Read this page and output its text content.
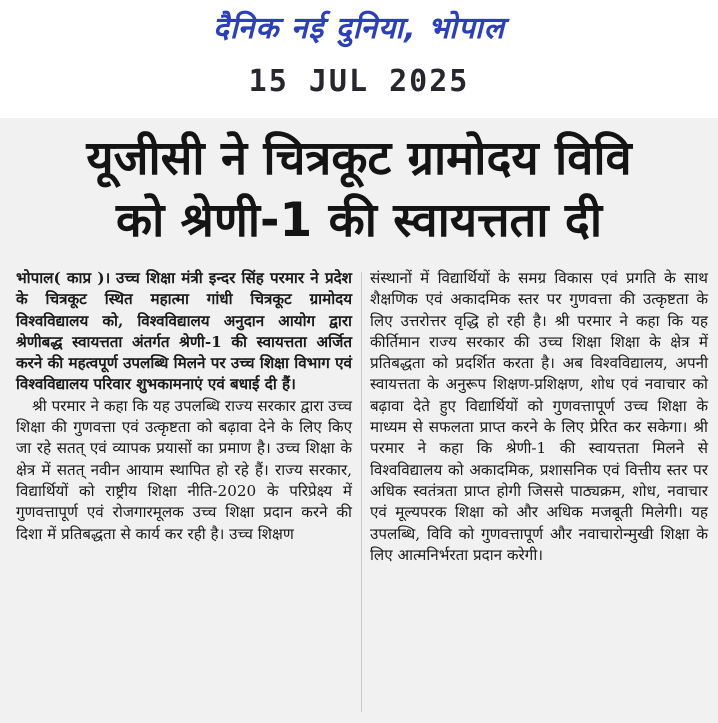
दैनिक नई दुनिया, भोपाल
15 JUL 2025
यूजीसी ने चित्रकूट ग्रामोदय विवि
को श्रेणी-1 की स्वायत्तता दी

भोपाल( काप्र )। उच्च शिक्षा मंत्री इन्दर सिंह परमार ने प्रदेश के चित्रकूट स्थित महात्मा गांधी चित्रकूट ग्रामोदय विश्वविद्यालय को, विश्वविद्यालय अनुदान आयोग द्वारा श्रेणीबद्ध स्वायत्तता अंतर्गत श्रेणी-1 की स्वायत्तता अर्जित करने की महत्वपूर्ण उपलब्धि मिलने पर उच्च शिक्षा विभाग एवं विश्वविद्यालय परिवार शुभकामनाएं एवं बधाई दी हैं।

श्री परमार ने कहा कि यह उपलब्धि राज्य सरकार द्वारा उच्च शिक्षा की गुणवत्ता एवं उत्कृष्टता को बढ़ावा देने के लिए किए जा रहे सतत् एवं व्यापक प्रयासों का प्रमाण है। उच्च शिक्षा के क्षेत्र में सतत् नवीन आयाम स्थापित हो रहे हैं। राज्य सरकार, विद्यार्थियों को राष्ट्रीय शिक्षा नीति-2020 के परिप्रेक्ष्य में गुणवत्तापूर्ण एवं रोजगारमूलक उच्च शिक्षा प्रदान करने की दिशा में प्रतिबद्धता से कार्य कर रही है। उच्च शिक्षण

संस्थानों में विद्यार्थियों के समग्र विकास एवं प्रगति के साथ शैक्षणिक एवं अकादमिक स्तर पर गुणवत्ता की उत्कृष्टता के लिए उत्तरोत्तर वृद्धि हो रही है। श्री परमार ने कहा कि यह कीर्तिमान राज्य सरकार की उच्च शिक्षा शिक्षा के क्षेत्र में प्रतिबद्धता को प्रदर्शित करता है। अब विश्वविद्यालय, अपनी स्वायत्तता के अनुरूप शिक्षण-प्रशिक्षण, शोध एवं नवाचार को बढ़ावा देते हुए विद्यार्थियों को गुणवत्तापूर्ण उच्च शिक्षा के माध्यम से सफलता प्राप्त करने के लिए प्रेरित कर सकेगा। श्री परमार ने कहा कि श्रेणी-1 की स्वायत्तता मिलने से विश्वविद्यालय को अकादमिक, प्रशासनिक एवं वित्तीय स्तर पर अधिक स्वतंत्रता प्राप्त होगी जिससे पाठ्यक्रम, शोध, नवाचार एवं मूल्यपरक शिक्षा को और अधिक मजबूती मिलेगी। यह उपलब्धि, विवि को गुणवत्तापूर्ण और नवाचारोन्मुखी शिक्षा के लिए आत्मनिर्भरता प्रदान करेगी।
